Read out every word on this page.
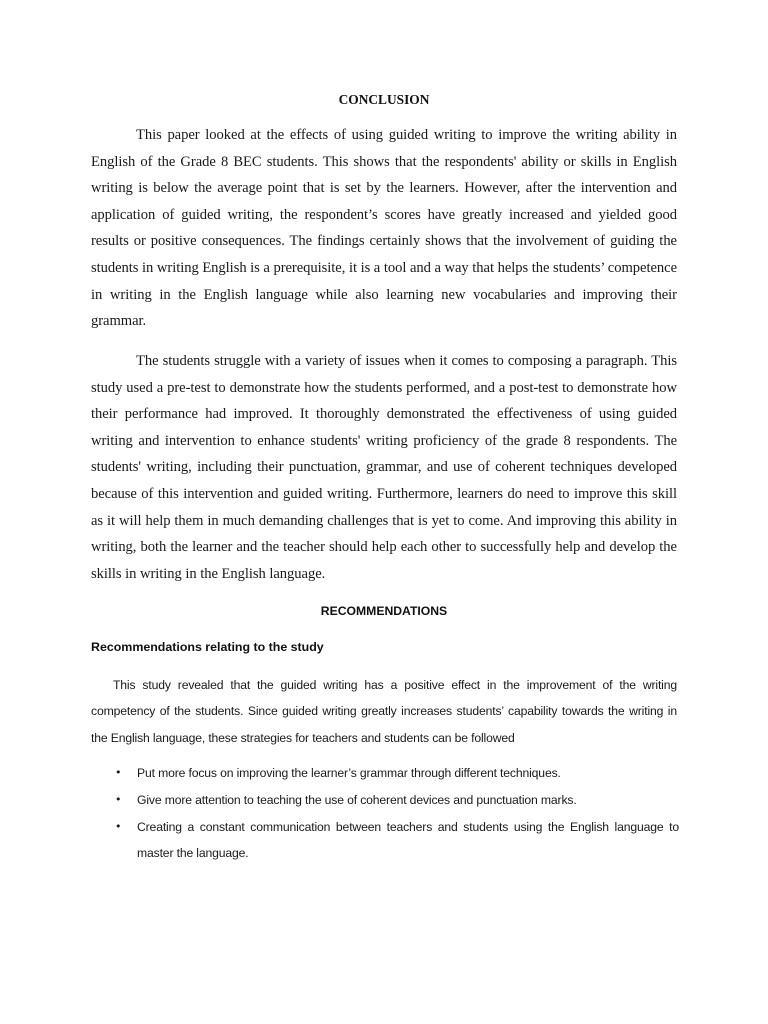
CONCLUSION

This paper looked at the effects of using guided writing to improve the writing ability in English of the Grade 8 BEC students. This shows that the respondents' ability or skills in English writing is below the average point that is set by the learners. However, after the intervention and application of guided writing, the respondent’s scores have greatly increased and yielded good results or positive consequences. The findings certainly shows that the involvement of guiding the students in writing English is a prerequisite, it is a tool and a way that helps the students’ competence in writing in the English language while also learning new vocabularies and improving their grammar.

The students struggle with a variety of issues when it comes to composing a paragraph. This study used a pre-test to demonstrate how the students performed, and a post-test to demonstrate how their performance had improved. It thoroughly demonstrated the effectiveness of using guided writing and intervention to enhance students' writing proficiency of the grade 8 respondents. The students' writing, including their punctuation, grammar, and use of coherent techniques developed because of this intervention and guided writing. Furthermore, learners do need to improve this skill as it will help them in much demanding challenges that is yet to come. And improving this ability in writing, both the learner and the teacher should help each other to successfully help and develop the skills in writing in the English language.

RECOMMENDATIONS
Recommendations relating to the study

This study revealed that the guided writing has a positive effect in the improvement of the writing competency of the students. Since guided writing greatly increases students’ capability towards the writing in the English language, these strategies for teachers and students can be followed

• Put more focus on improving the learner’s grammar through different techniques.
• Give more attention to teaching the use of coherent devices and punctuation marks.
• Creating a constant communication between teachers and students using the English language to master the language.
